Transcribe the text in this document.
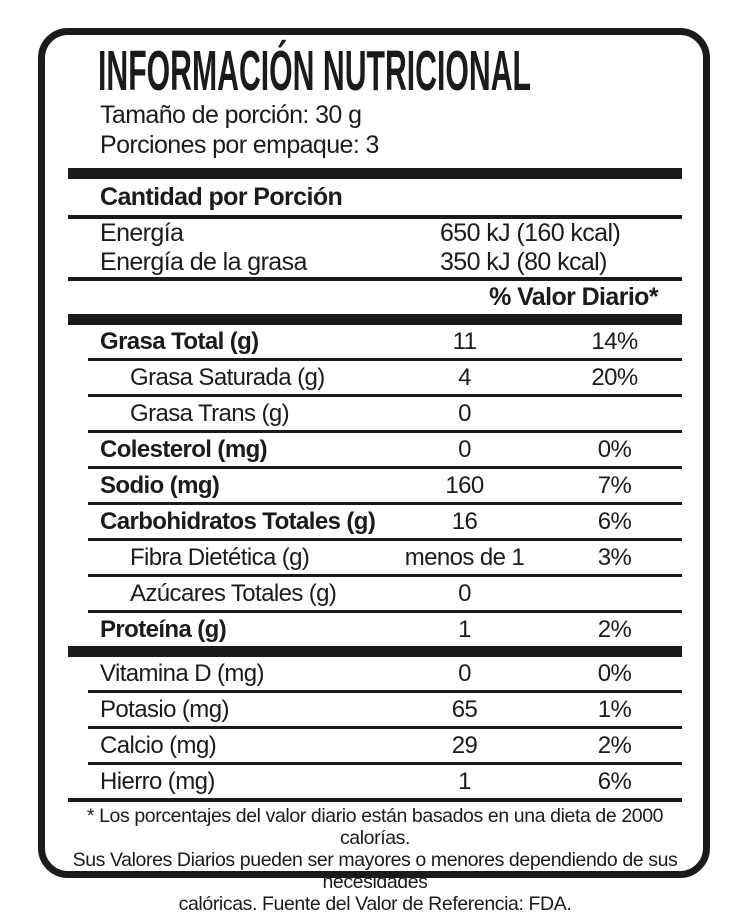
INFORMACIÓN NUTRICIONAL
Tamaño de porción: 30 g
Porciones por empaque: 3
Cantidad por Porción
Energía	650 kJ (160 kcal)
Energía de la grasa	350 kJ (80 kcal)
% Valor Diario*
Grasa Total (g)	11	14%
Grasa Saturada (g)	4	20%
Grasa Trans (g)	0
Colesterol (mg)	0	0%
Sodio (mg)	160	7%
Carbohidratos Totales (g)	16	6%
Fibra Dietética (g)	menos de 1	3%
Azúcares Totales (g)	0
Proteína (g)	1	2%
Vitamina D (mg)	0	0%
Potasio (mg)	65	1%
Calcio (mg)	29	2%
Hierro (mg)	1	6%
* Los porcentajes del valor diario están basados en una dieta de 2000 calorías.
Sus Valores Diarios pueden ser mayores o menores dependiendo de sus necesidades
calóricas. Fuente del Valor de Referencia: FDA.
